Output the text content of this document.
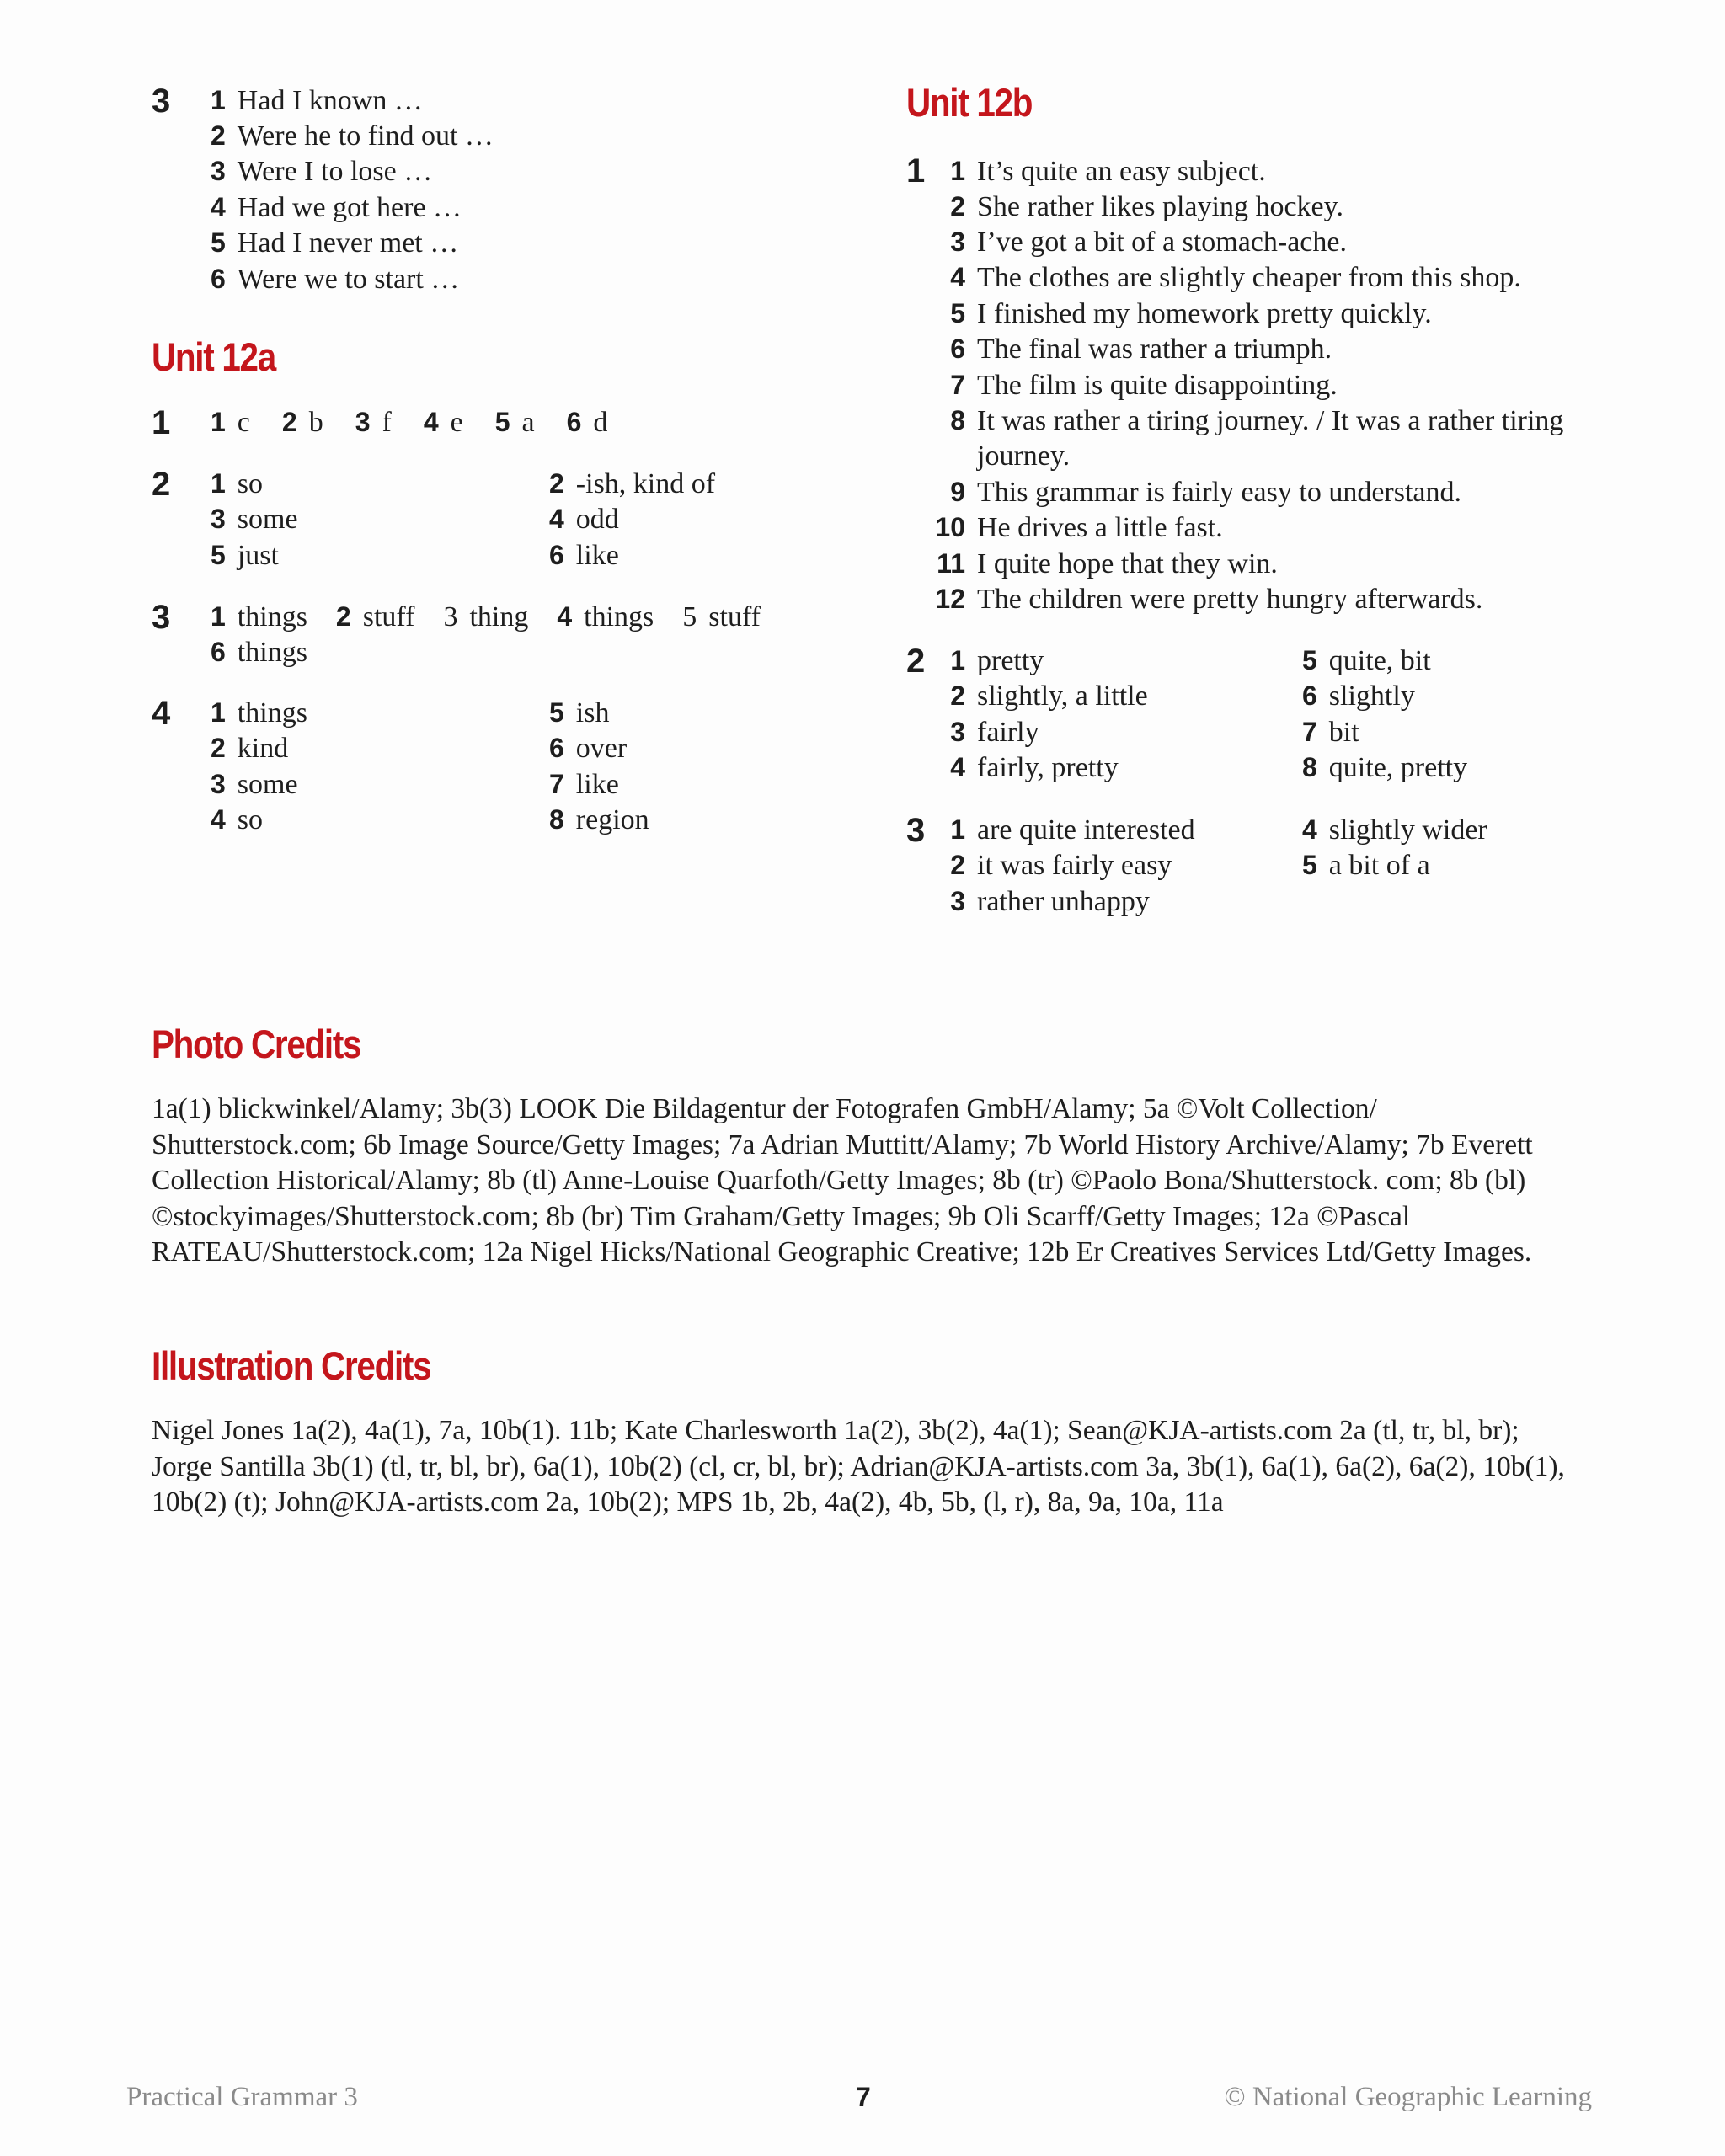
3 1 Had I known …
2 Were he to find out …
3 Were I to lose …
4 Had we got here …
5 Had I never met …
6 Were we to start …
Unit 12a
1 1 c 2 b 3 f 4 e 5 a 6 d
2 1 so	2 -ish, kind of
3 some	4 odd
5 just	6 like
3 1 things 2 stuff 3 thing 4 things 5 stuff
6 things
4 1 things	5 ish
2 kind	6 over
3 some	7 like
4 so	8 region
Unit 12b
1 1 It’s quite an easy subject.
2 She rather likes playing hockey.
3 I’ve got a bit of a stomach-ache.
4 The clothes are slightly cheaper from this shop.
5 I finished my homework pretty quickly.
6 The final was rather a triumph.
7 The film is quite disappointing.
8 It was rather a tiring journey. / It was a rather tiring journey.
9 This grammar is fairly easy to understand.
10 He drives a little fast.
11 I quite hope that they win.
12 The children were pretty hungry afterwards.
2 1 pretty	5 quite, bit
2 slightly, a little	6 slightly
3 fairly	7 bit
4 fairly, pretty	8 quite, pretty
3 1 are quite interested	4 slightly wider
2 it was fairly easy	5 a bit of a
3 rather unhappy
Photo Credits
1a(1) blickwinkel/Alamy; 3b(3) LOOK Die Bildagentur der Fotografen GmbH/Alamy; 5a ©Volt Collection/ Shutterstock.com; 6b Image Source/Getty Images; 7a Adrian Muttitt/Alamy; 7b World History Archive/Alamy; 7b Everett Collection Historical/Alamy; 8b (tl) Anne-Louise Quarfoth/Getty Images; 8b (tr) ©Paolo Bona/Shutterstock. com; 8b (bl) ©stockyimages/Shutterstock.com; 8b (br) Tim Graham/Getty Images; 9b Oli Scarff/Getty Images; 12a ©Pascal RATEAU/Shutterstock.com; 12a Nigel Hicks/National Geographic Creative; 12b Er Creatives Services Ltd/Getty Images.
Illustration Credits
Nigel Jones 1a(2), 4a(1), 7a, 10b(1). 11b; Kate Charlesworth 1a(2), 3b(2), 4a(1); Sean@KJA-artists.com 2a (tl, tr, bl, br); Jorge Santilla 3b(1) (tl, tr, bl, br), 6a(1), 10b(2) (cl, cr, bl, br); Adrian@KJA-artists.com 3a, 3b(1), 6a(1), 6a(2), 6a(2), 10b(1), 10b(2) (t); John@KJA-artists.com 2a, 10b(2); MPS 1b, 2b, 4a(2), 4b, 5b, (l, r), 8a, 9a, 10a, 11a
Practical Grammar 3	7	© National Geographic Learning
